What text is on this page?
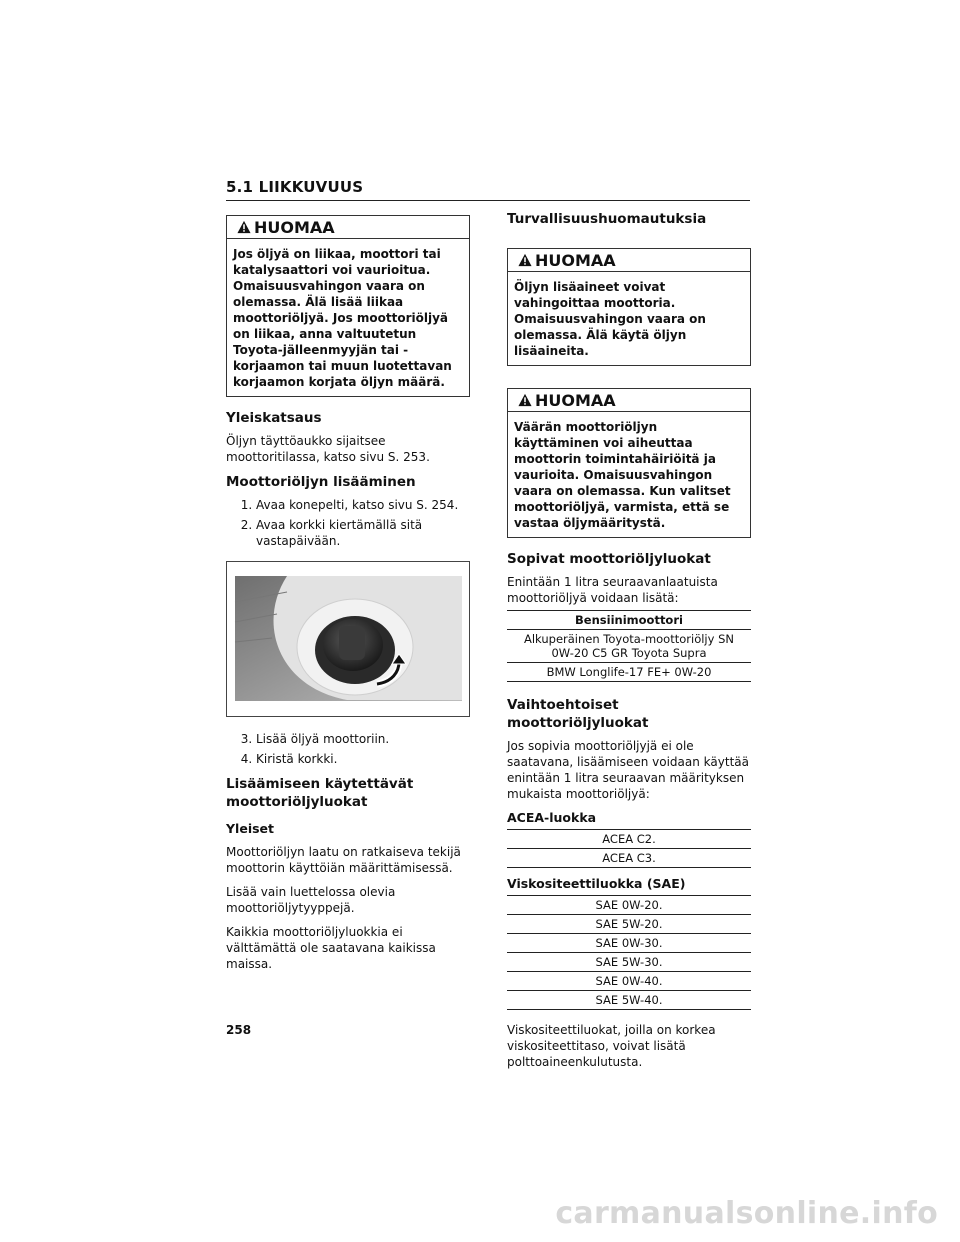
5.1 LIIKKUVUUS
HUOMAA
Jos öljyä on liikaa, moottori tai katalysaattori voi vaurioitua. Omaisuusvahingon vaara on olemassa. Älä lisää liikaa moottoriöljyä. Jos moottoriöljyä on liikaa, anna valtuutetun Toyota-jälleenmyyjän tai -korjaamon tai muun luotettavan korjaamon korjata öljyn määrä.
Yleiskatsaus

Öljyn täyttöaukko sijaitsee moottoritilassa, katso sivu S. 253.

Moottoriöljyn lisääminen
1. Avaa konepelti, katso sivu S. 254.
2. Avaa korkki kiertämällä sitä vastapäivään.
3. Lisää öljyä moottoriin.
4. Kiristä korkki.
Lisäämiseen käytettävät moottoriöljyluokat
Yleiset

Moottoriöljyn laatu on ratkaiseva tekijä moottorin käyttöiän määrittämisessä.

Lisää vain luettelossa olevia moottoriöljytyyppejä.

Kaikkia moottoriöljyluokkia ei välttämättä ole saatavana kaikissa maissa.

Turvallisuushuomautuksia
HUOMAA
Öljyn lisäaineet voivat vahingoittaa moottoria. Omaisuusvahingon vaara on olemassa. Älä käytä öljyn lisäaineita.
HUOMAA
Väärän moottoriöljyn käyttäminen voi aiheuttaa moottorin toimintahäiriöitä ja vaurioita. Omaisuusvahingon vaara on olemassa. Kun valitset moottoriöljyä, varmista, että se vastaa öljymääritystä.
Sopivat moottoriöljyluokat

Enintään 1 litra seuraavanlaatuista moottoriöljyä voidaan lisätä:

Bensiinimoottori
Alkuperäinen Toyota-moottoriöljy SN 0W-20 C5 GR Toyota Supra
BMW Longlife-17 FE+ 0W-20
Vaihtoehtoiset moottoriöljyluokat

Jos sopivia moottoriöljyjä ei ole saatavana, lisäämiseen voidaan käyttää enintään 1 litra seuraavan määrityksen mukaista moottoriöljyä:

ACEA-luokka
ACEA C2.
ACEA C3.
Viskositeettiluokka (SAE)
SAE 0W-20.
SAE 5W-20.
SAE 0W-30.
SAE 5W-30.
SAE 0W-40.
SAE 5W-40.

Viskositeettiluokat, joilla on korkea viskositeettitaso, voivat lisätä polttoaineenkulutusta.

258
carmanualsonline.info
